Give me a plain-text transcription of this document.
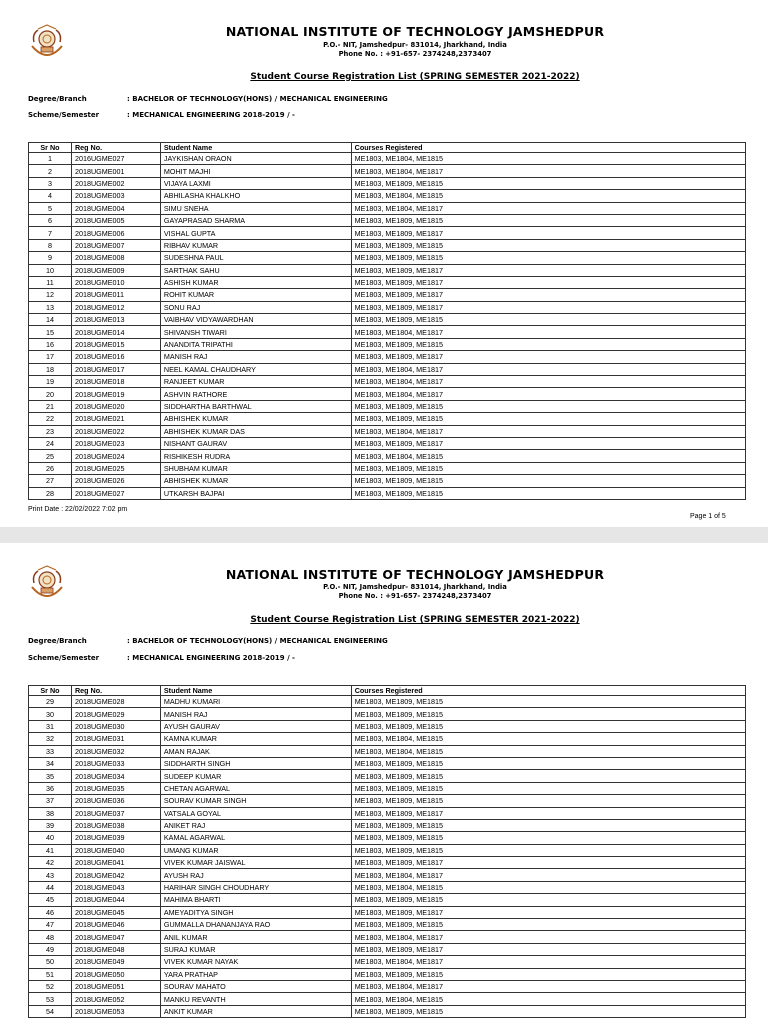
NATIONAL INSTITUTE OF TECHNOLOGY JAMSHEDPUR
P.O.- NIT, Jamshedpur- 831014, Jharkhand, India
Phone No. : +91-657- 2374248,2373407
Student Course Registration List (SPRING SEMESTER 2021-2022)
Degree/Branch	: BACHELOR OF TECHNOLOGY(HONS) / MECHANICAL ENGINEERING
Scheme/Semester	: MECHANICAL ENGINEERING 2018-2019 / -
Sr No	Reg No.	Student Name	Courses Registered
1	2016UGME027	JAYKISHAN ORAON	ME1803, ME1804, ME1815
2	2018UGME001	MOHIT MAJHI	ME1803, ME1804, ME1817
3	2018UGME002	VIJAYA LAXMI	ME1803, ME1809, ME1815
4	2018UGME003	ABHILASHA KHALKHO	ME1803, ME1804, ME1815
5	2018UGME004	SIMU SNEHA	ME1803, ME1804, ME1817
6	2018UGME005	GAYAPRASAD SHARMA	ME1803, ME1809, ME1815
7	2018UGME006	VISHAL GUPTA	ME1803, ME1809, ME1817
8	2018UGME007	RIBHAV KUMAR	ME1803, ME1809, ME1815
9	2018UGME008	SUDESHNA PAUL	ME1803, ME1809, ME1815
10	2018UGME009	SARTHAK SAHU	ME1803, ME1809, ME1817
11	2018UGME010	ASHISH KUMAR	ME1803, ME1809, ME1817
12	2018UGME011	ROHIT KUMAR	ME1803, ME1809, ME1817
13	2018UGME012	SONU RAJ	ME1803, ME1809, ME1817
14	2018UGME013	VAIBHAV VIDYAWARDHAN	ME1803, ME1809, ME1815
15	2018UGME014	SHIVANSH TIWARI	ME1803, ME1804, ME1817
16	2018UGME015	ANANDITA TRIPATHI	ME1803, ME1809, ME1815
17	2018UGME016	MANISH RAJ	ME1803, ME1809, ME1817
18	2018UGME017	NEEL KAMAL CHAUDHARY	ME1803, ME1804, ME1817
19	2018UGME018	RANJEET KUMAR	ME1803, ME1804, ME1817
20	2018UGME019	ASHVIN RATHORE	ME1803, ME1804, ME1817
21	2018UGME020	SIDDHARTHA BARTHWAL	ME1803, ME1809, ME1815
22	2018UGME021	ABHISHEK KUMAR	ME1803, ME1809, ME1815
23	2018UGME022	ABHISHEK KUMAR DAS	ME1803, ME1804, ME1817
24	2018UGME023	NISHANT GAURAV	ME1803, ME1809, ME1817
25	2018UGME024	RISHIKESH RUDRA	ME1803, ME1804, ME1815
26	2018UGME025	SHUBHAM KUMAR	ME1803, ME1809, ME1815
27	2018UGME026	ABHISHEK KUMAR	ME1803, ME1809, ME1815
28	2018UGME027	UTKARSH BAJPAI	ME1803, ME1809, ME1815
Print Date : 22/02/2022 7:02 pm
Page 1 of 5
NATIONAL INSTITUTE OF TECHNOLOGY JAMSHEDPUR
P.O.- NIT, Jamshedpur- 831014, Jharkhand, India
Phone No. : +91-657- 2374248,2373407
Student Course Registration List (SPRING SEMESTER 2021-2022)
Degree/Branch	: BACHELOR OF TECHNOLOGY(HONS) / MECHANICAL ENGINEERING
Scheme/Semester	: MECHANICAL ENGINEERING 2018-2019 / -
Sr No	Reg No.	Student Name	Courses Registered
29	2018UGME028	MADHU KUMARI	ME1803, ME1809, ME1815
30	2018UGME029	MANISH RAJ	ME1803, ME1809, ME1815
31	2018UGME030	AYUSH GAURAV	ME1803, ME1809, ME1815
32	2018UGME031	KAMNA KUMAR	ME1803, ME1804, ME1815
33	2018UGME032	AMAN RAJAK	ME1803, ME1804, ME1815
34	2018UGME033	SIDDHARTH SINGH	ME1803, ME1809, ME1815
35	2018UGME034	SUDEEP KUMAR	ME1803, ME1809, ME1815
36	2018UGME035	CHETAN AGARWAL	ME1803, ME1809, ME1815
37	2018UGME036	SOURAV KUMAR SINGH	ME1803, ME1809, ME1815
38	2018UGME037	VATSALA GOYAL	ME1803, ME1809, ME1817
39	2018UGME038	ANIKET RAJ	ME1803, ME1809, ME1815
40	2018UGME039	KAMAL AGARWAL	ME1803, ME1809, ME1815
41	2018UGME040	UMANG KUMAR	ME1803, ME1809, ME1815
42	2018UGME041	VIVEK KUMAR JAISWAL	ME1803, ME1809, ME1817
43	2018UGME042	AYUSH RAJ	ME1803, ME1804, ME1817
44	2018UGME043	HARIHAR SINGH CHOUDHARY	ME1803, ME1804, ME1815
45	2018UGME044	MAHIMA BHARTI	ME1803, ME1809, ME1815
46	2018UGME045	AMEYADITYA SINGH	ME1803, ME1809, ME1817
47	2018UGME046	GUMMALLA DHANANJAYA RAO	ME1803, ME1809, ME1815
48	2018UGME047	ANIL KUMAR	ME1803, ME1804, ME1817
49	2018UGME048	SURAJ KUMAR	ME1803, ME1809, ME1817
50	2018UGME049	VIVEK KUMAR NAYAK	ME1803, ME1804, ME1817
51	2018UGME050	YARA PRATHAP	ME1803, ME1809, ME1815
52	2018UGME051	SOURAV MAHATO	ME1803, ME1804, ME1817
53	2018UGME052	MANKU REVANTH	ME1803, ME1804, ME1815
54	2018UGME053	ANKIT KUMAR	ME1803, ME1809, ME1815
